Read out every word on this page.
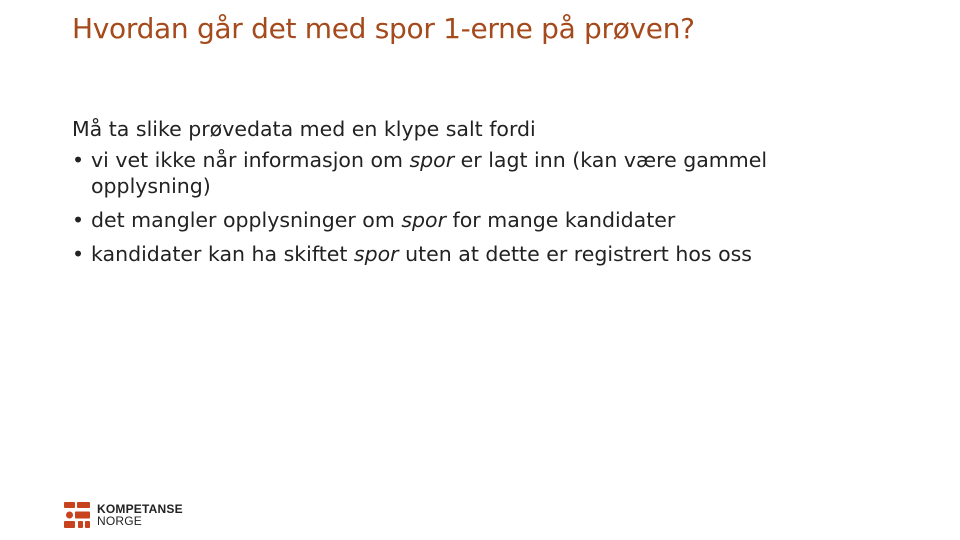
Hvordan går det med spor 1-erne på prøven?
Må ta slike prøvedata med en klype salt fordi
• vi vet ikke når informasjon om spor er lagt inn (kan være gammel opplysning)
• det mangler opplysninger om spor for mange kandidater
• kandidater kan ha skiftet spor uten at dette er registrert hos oss
KOMPETANSE
NORGE
